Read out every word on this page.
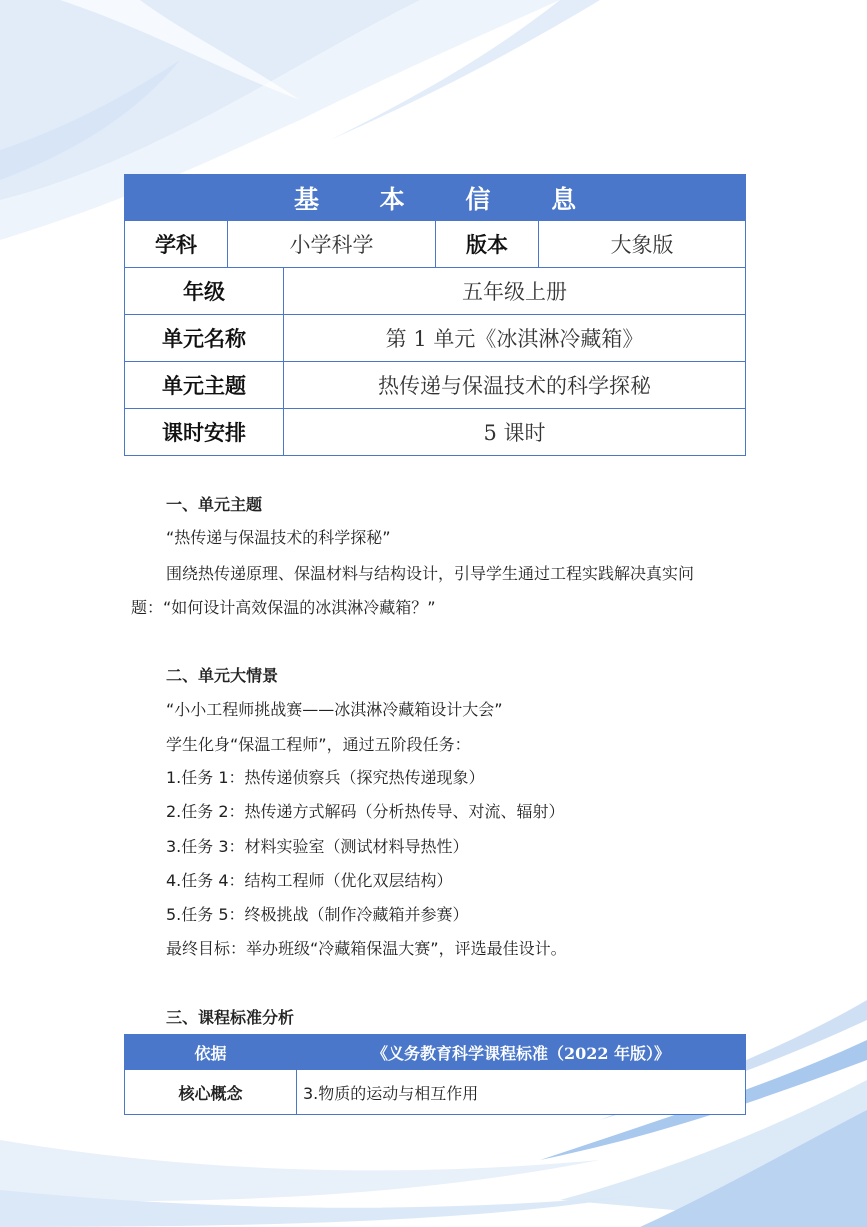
基 本 信 息				
学科	小学科学		版本	大象版
年级		五年级上册		
单元名称		第 1 单元《冰淇淋冷藏箱》		
单元主题		热传递与保温技术的科学探秘		
课时安排		5 课时		
一、单元主题
“热传递与保温技术的科学探秘”
围绕热传递原理、保温材料与结构设计，引导学生通过工程实践解决真实问
题：“如何设计高效保温的冰淇淋冷藏箱？”
二、单元大情景
“小小工程师挑战赛——冰淇淋冷藏箱设计大会”
学生化身“保温工程师”，通过五阶段任务：
1.任务 1：热传递侦察兵（探究热传递现象）
2.任务 2：热传递方式解码（分析热传导、对流、辐射）
3.任务 3：材料实验室（测试材料导热性）
4.任务 4：结构工程师（优化双层结构）
5.任务 5：终极挑战（制作冷藏箱并参赛）
最终目标：举办班级“冷藏箱保温大赛”，评选最佳设计。
三、课程标准分析
依据	《义务教育科学课程标准（2022 年版）》
核心概念	3.物质的运动与相互作用
